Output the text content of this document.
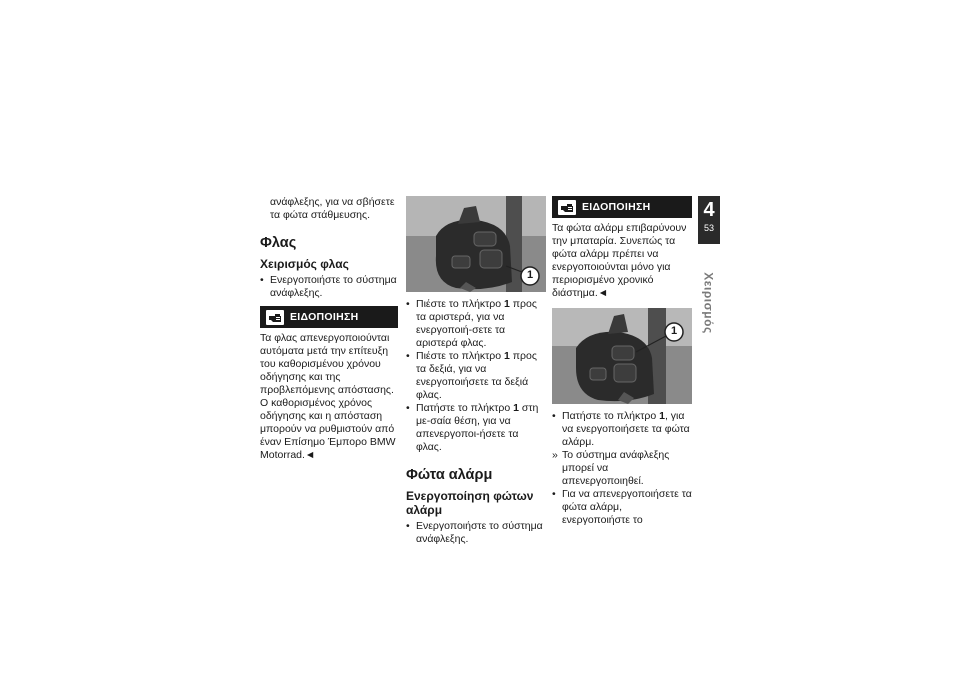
ανάφλεξης, για να σβήσετε τα φώτα στάθμευσης.

Φλας
Χειρισμός φλας

• Ενεργοποιήστε το σύστημα ανάφλεξης.

ΕΙΔΟΠΟΙΗΣΗ

Τα φλας απενεργοποιούνται αυτόματα μετά την επίτευξη του καθορισμένου χρόνου οδήγησης και της προβλεπόμενης απόστασης. Ο καθορισμένος χρόνος οδήγησης και η απόσταση μπορούν να ρυθμιστούν από έναν Επίσημο Έμπορο BMW Motorrad.◄

1

• Πιέστε το πλήκτρο 1 προς τα αριστερά, για να ενεργοποιή-σετε τα αριστερά φλας.

• Πιέστε το πλήκτρο 1 προς τα δεξιά, για να ενεργοποιήσετε τα δεξιά φλας.

• Πατήστε το πλήκτρο 1 στη με-σαία θέση, για να απενεργοποι-ήσετε τα φλας.

Φώτα αλάρμ
Ενεργοποίηση φώτων αλάρμ

• Ενεργοποιήστε το σύστημα ανάφλεξης.

ΕΙΔΟΠΟΙΗΣΗ

Τα φώτα αλάρμ επιβαρύνουν την μπαταρία. Συνεπώς τα φώτα αλάρμ πρέπει να ενεργοποιούνται μόνο για περιορισμένο χρονικό διάστημα.◄

1

• Πατήστε το πλήκτρο 1, για να ενεργοποιήσετε τα φώτα αλάρμ.

» Το σύστημα ανάφλεξης μπορεί να απενεργοποιηθεί.

• Για να απενεργοποιήσετε τα φώτα αλάρμ, ενεργοποιήστε το

4
53
Χειρισμός
